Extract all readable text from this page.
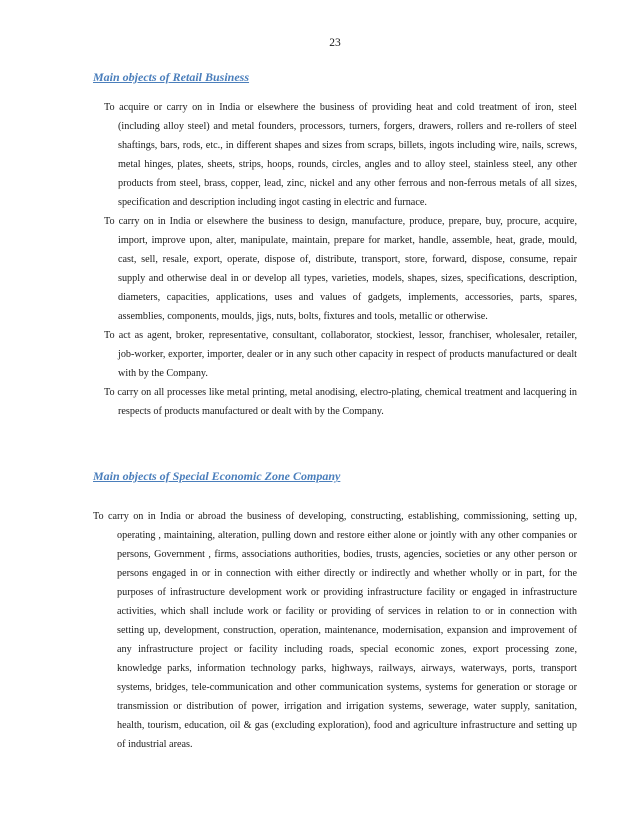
23
Main objects of Retail Business

To acquire or carry on in India or elsewhere the business of providing heat and cold treatment of iron, steel (including alloy steel) and metal founders, processors, turners, forgers, drawers, rollers and re-rollers of steel shaftings, bars, rods, etc., in different shapes and sizes from scraps, billets, ingots including wire, nails, screws, metal hinges, plates, sheets, strips, hoops, rounds, circles, angles and to alloy steel, stainless steel, any other products from steel, brass, copper, lead, zinc, nickel and any other ferrous and non-ferrous metals of all sizes, specification and description including ingot casting in electric and furnace.

To carry on in India or elsewhere the business to design, manufacture, produce, prepare, buy, procure, acquire, import, improve upon, alter, manipulate, maintain, prepare for market, handle, assemble, heat, grade, mould, cast, sell, resale, export, operate, dispose of, distribute, transport, store, forward, dispose, consume, repair supply and otherwise deal in or develop all types, varieties, models, shapes, sizes, specifications, description, diameters, capacities, applications, uses and values of gadgets, implements, accessories, parts, spares, assemblies, components, moulds, jigs, nuts, bolts, fixtures and tools, metallic or otherwise.

To act as agent, broker, representative, consultant, collaborator, stockiest, lessor, franchiser, wholesaler, retailer, job-worker, exporter, importer, dealer or in any such other capacity in respect of products manufactured or dealt with by the Company.

To carry on all processes like metal printing, metal anodising, electro-plating, chemical treatment and lacquering in respects of products manufactured or dealt with by the Company.

Main objects of Special Economic Zone Company

To carry on in India or abroad the business of developing, constructing, establishing, commissioning, setting up, operating , maintaining, alteration, pulling down and restore either alone or jointly with any other companies or persons, Government , firms, associations authorities, bodies, trusts, agencies, societies or any other person or persons engaged in or in connection with either directly or indirectly and whether wholly or in part, for the purposes of infrastructure development work or providing infrastructure facility or engaged in infrastructure activities, which shall include work or facility or providing of services in relation to or in connection with setting up, development, construction, operation, maintenance, modernisation, expansion and improvement of any infrastructure project or facility including roads, special economic zones, export processing zone, knowledge parks, information technology parks, highways, railways, airways, waterways, ports, transport systems, bridges, tele-communication and other communication systems, systems for generation or storage or transmission or distribution of power, irrigation and irrigation systems, sewerage, water supply, sanitation, health, tourism, education, oil & gas (excluding exploration), food and agriculture infrastructure and setting up of industrial areas.
